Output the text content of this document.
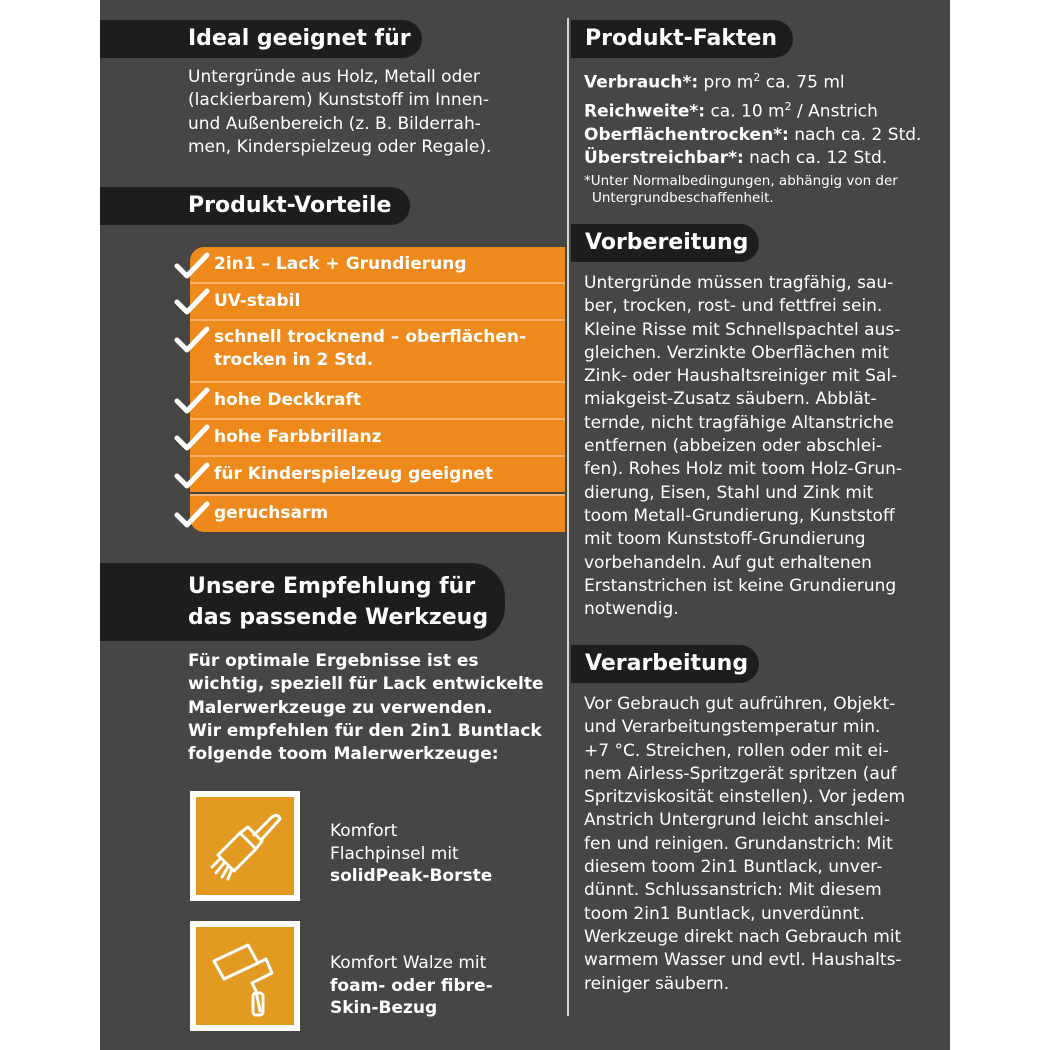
Ideal geeignet für
Untergründe aus Holz, Metall oder
(lackierbarem) Kunststoff im Innen-
und Außenbereich (z. B. Bilderrah-
men, Kinderspielzeug oder Regale).
Produkt-Vorteile
2in1 – Lack + Grundierung
UV-stabil
schnell trocknend – oberflächen-
trocken in 2 Std.
hohe Deckkraft
hohe Farbbrillanz
für Kinderspielzeug geeignet
geruchsarm
Unsere Empfehlung für
das passende Werkzeug
Für optimale Ergebnisse ist es
wichtig, speziell für Lack entwickelte
Malerwerkzeuge zu verwenden.
Wir empfehlen für den 2in1 Buntlack
folgende toom Malerwerkzeuge:
Komfort
Flachpinsel mit
solidPeak-Borste
Komfort Walze mit
foam- oder fibre-
Skin-Bezug
Produkt-Fakten
Verbrauch*: pro $m^2$ ca. 75 ml
Reichweite*: ca. 10 $m^2$ / Anstrich
Oberflächentrocken*: nach ca. 2 Std.
Überstreichbar*: nach ca. 12 Std.
*Unter Normalbedingungen, abhängig von der
Untergrundbeschaffenheit.
Vorbereitung
Untergründe müssen tragfähig, sau-
ber, trocken, rost- und fettfrei sein.
Kleine Risse mit Schnellspachtel aus-
gleichen. Verzinkte Oberflächen mit
Zink- oder Haushaltsreiniger mit Sal-
miakgeist-Zusatz säubern. Abblät-
ternde, nicht tragfähige Altanstriche
entfernen (abbeizen oder abschlei-
fen). Rohes Holz mit toom Holz-Grun-
dierung, Eisen, Stahl und Zink mit
toom Metall-Grundierung, Kunststoff
mit toom Kunststoff-Grundierung
vorbehandeln. Auf gut erhaltenen
Erstanstrichen ist keine Grundierung
notwendig.
Verarbeitung
Vor Gebrauch gut aufrühren, Objekt-
und Verarbeitungstemperatur min.
+7 °C. Streichen, rollen oder mit ei-
nem Airless-Spritzgerät spritzen (auf
Spritzviskosität einstellen). Vor jedem
Anstrich Untergrund leicht anschlei-
fen und reinigen. Grundanstrich: Mit
diesem toom 2in1 Buntlack, unver-
dünnt. Schlussanstrich: Mit diesem
toom 2in1 Buntlack, unverdünnt.
Werkzeuge direkt nach Gebrauch mit
warmem Wasser und evtl. Haushalts-
reiniger säubern.
